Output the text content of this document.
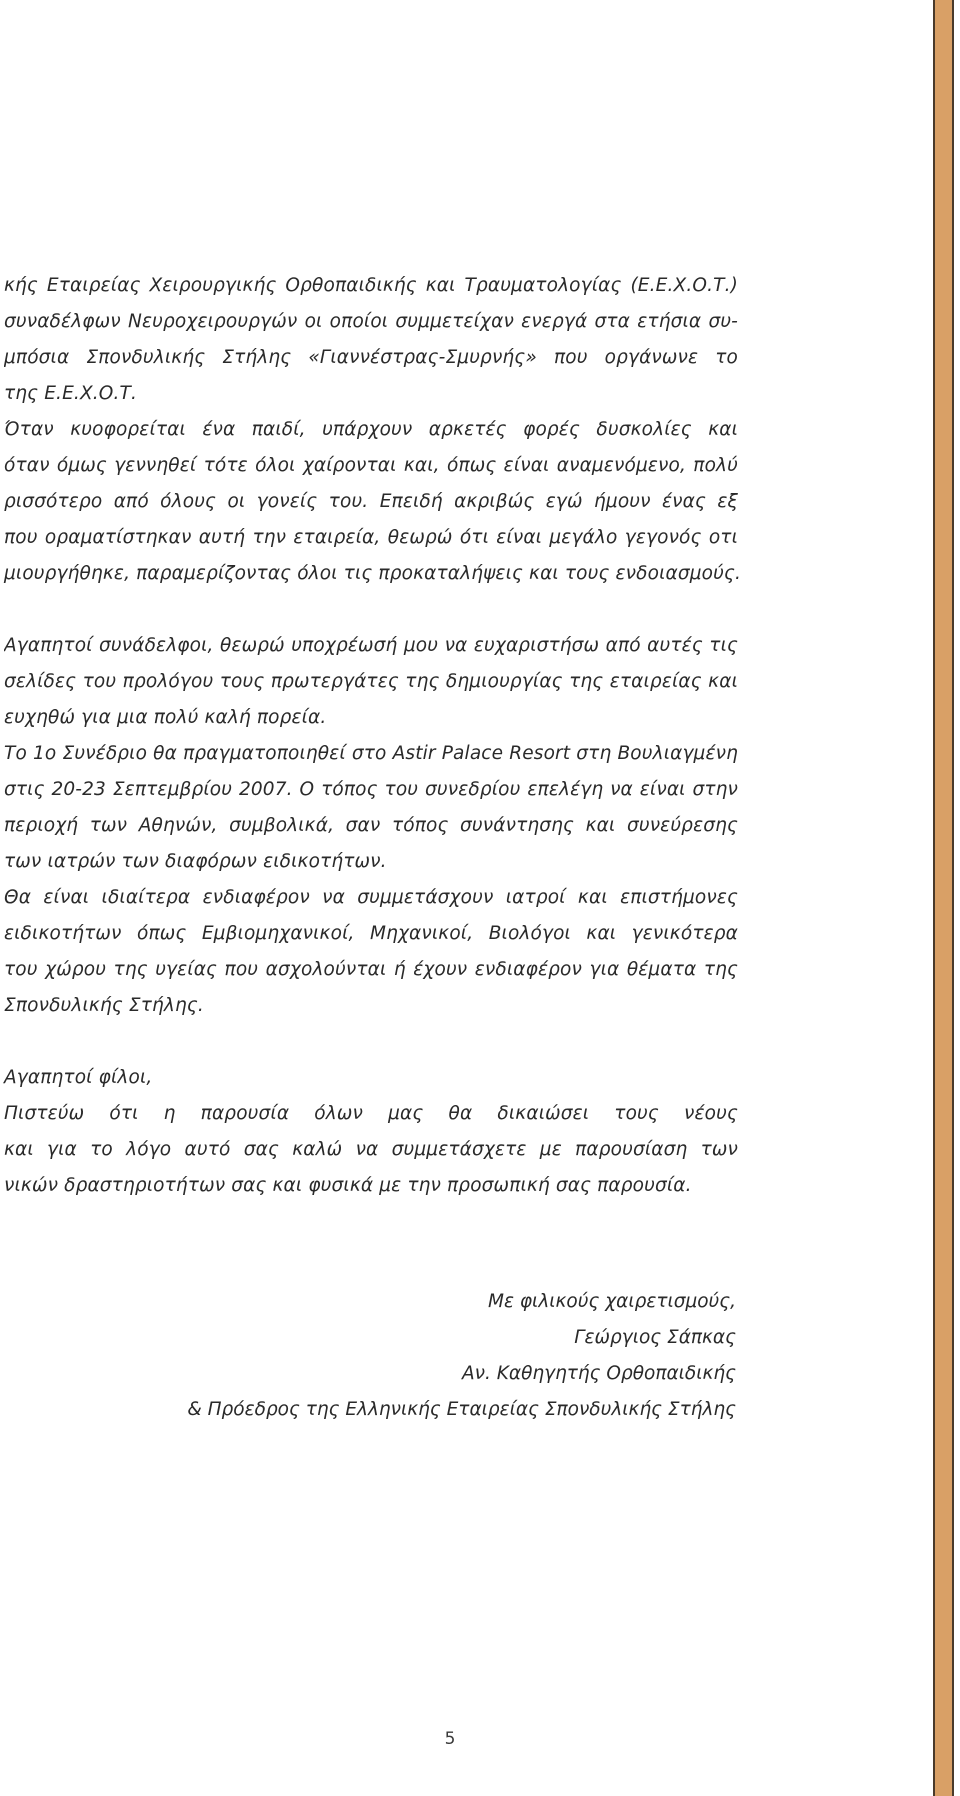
κής Εταιρείας Χειρουργικής Ορθοπαιδικής και Τραυματολογίας (Ε.Ε.Χ.Ο.Τ.)
συναδέλφων Νευροχειρουργών οι οποίοι συμμετείχαν ενεργά στα ετήσια συ-
μπόσια Σπονδυλικής Στήλης «Γιαννέστρας-Σμυρνής» που οργάνωνε το
της Ε.Ε.Χ.Ο.Τ.
Όταν κυοφορείται ένα παιδί, υπάρχουν αρκετές φορές δυσκολίες και
όταν όμως γεννηθεί τότε όλοι χαίρονται και, όπως είναι αναμενόμενο, πολύ
ρισσότερο από όλους οι γονείς του. Επειδή ακριβώς εγώ ήμουν ένας εξ
που οραματίστηκαν αυτή την εταιρεία, θεωρώ ότι είναι μεγάλο γεγονός οτι
μιουργήθηκε, παραμερίζοντας όλοι τις προκαταλήψεις και τους ενδοιασμούς.
Αγαπητοί συνάδελφοι, θεωρώ υποχρέωσή μου να ευχαριστήσω από αυτές τις
σελίδες του προλόγου τους πρωτεργάτες της δημιουργίας της εταιρείας και
ευχηθώ για μια πολύ καλή πορεία.
Το 1ο Συνέδριο θα πραγματοποιηθεί στο Astir Palace Resort στη Βουλιαγμένη
στις 20-23 Σεπτεμβρίου 2007. Ο τόπος του συνεδρίου επελέγη να είναι στην
περιοχή των Αθηνών, συμβολικά, σαν τόπος συνάντησης και συνεύρεσης
των ιατρών των διαφόρων ειδικοτήτων.
Θα είναι ιδιαίτερα ενδιαφέρον να συμμετάσχουν ιατροί και επιστήμονες
ειδικοτήτων όπως Εμβιομηχανικοί, Μηχανικοί, Βιολόγοι και γενικότερα
του χώρου της υγείας που ασχολούνται ή έχουν ενδιαφέρον για θέματα της
Σπονδυλικής Στήλης.
Αγαπητοί φίλοι,
Πιστεύω ότι η παρουσία όλων μας θα δικαιώσει τους νέους
και για το λόγο αυτό σας καλώ να συμμετάσχετε με παρουσίαση των
νικών δραστηριοτήτων σας και φυσικά με την προσωπική σας παρουσία.
Με φιλικούς χαιρετισμούς,
Γεώργιος Σάπκας
Αν. Καθηγητής Ορθοπαιδικής
& Πρόεδρος της Ελληνικής Εταιρείας Σπονδυλικής Στήλης
5
